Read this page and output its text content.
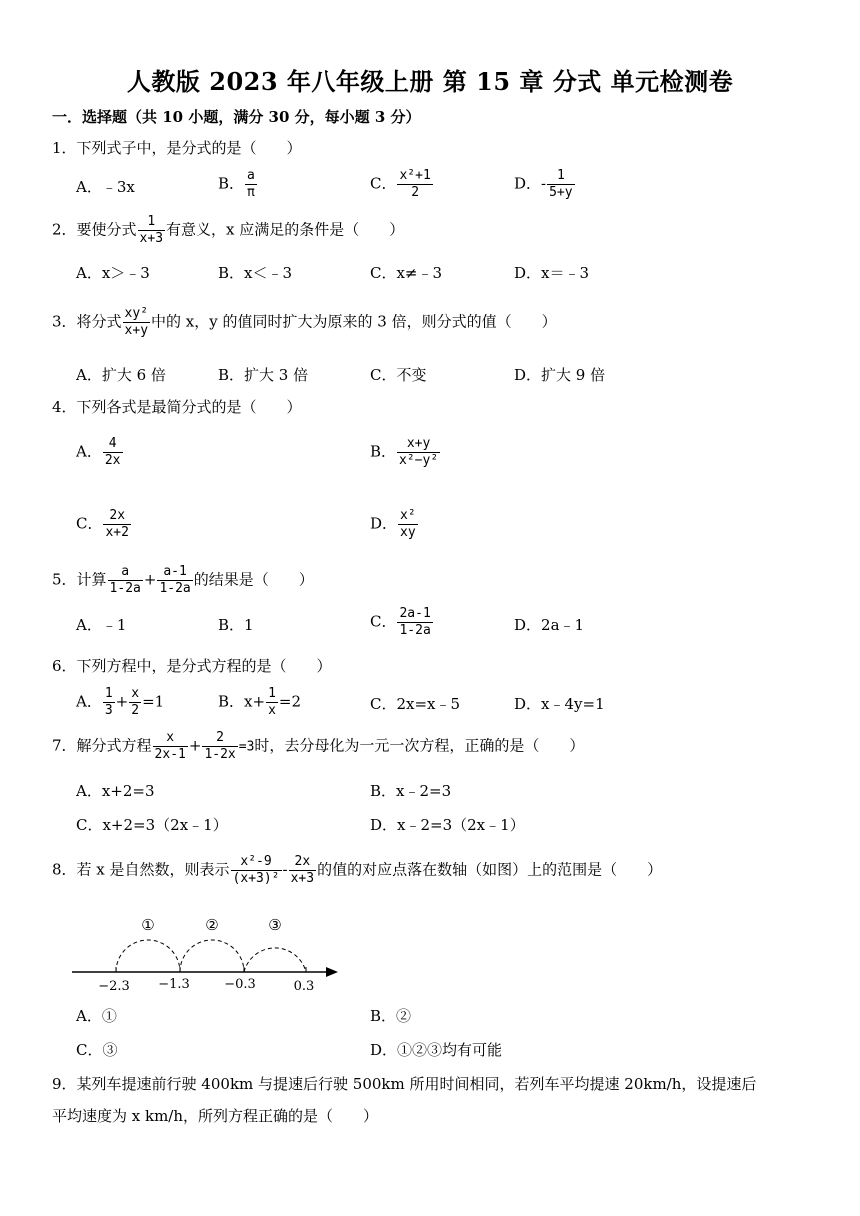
人教版 2023 年八年级上册 第 15 章 分式 单元检测卷
一．选择题（共 10 小题，满分 30 分，每小题 3 分）
1．下列式子中，是分式的是（　　）
A．﹣3x	B． $\frac{a}{\pi}$	C． $\frac{\text{x²+1}}{2}$	D．- $\frac{1}{5+y}$
2．要使分式 $\frac{1}{x+3}$ 有意义，x 应满足的条件是（　　）
A．x＞﹣3	B．x＜﹣3	C．x≠﹣3	D．x＝﹣3
3．将分式 $\frac{\text{xy²}}{x+y}$ 中的 x，y 的值同时扩大为原来的 3 倍，则分式的值（　　）
A．扩大 6 倍	B．扩大 3 倍	C．不变	D．扩大 9 倍
4．下列各式是最简分式的是（　　）
A． $\frac{4}{2x}$	B． $\frac{x+y}{\text{x²−y²}}$
C． $\frac{2x}{x+2}$	D． $\frac{\text{x²}}{xy}$
5．计算 $\frac{a}{1-2a} + \frac{a-1}{1-2a}$ 的结果是（　　）
A．﹣1	B．1	C． $\frac{2a-1}{1-2a}$	D．2a﹣1
6．下列方程中，是分式方程的是（　　）
A． $\frac{1}{3} + \frac{x}{2} =1$	B．$x+ \frac{1}{x} =2$	C．2x=x﹣5	D．x﹣4y=1
7．解分式方程 $\frac{x}{2x-1} + \frac{2}{1-2x} =3$时，去分母化为一元一次方程，正确的是（　　）
A．x+2=3	B．x﹣2=3
C．x+2=3（2x﹣1）	D．x﹣2=3（2x﹣1）
8．若 x 是自然数，则表示 $\frac{\text{x²-9}}{\text{(x+3)²}} - \frac{2x}{x+3}$ 的值的对应点落在数轴（如图）上的范围是（　　）
①	②	③
−2.3 −1.3	−0.3	0.3
A．①	B．②
C．③	D．①②③均有可能
9．某列车提速前行驶 400km 与提速后行驶 500km 所用时间相同，若列车平均提速 20km/h，设提速后
平均速度为 x km/h，所列方程正确的是（　　）
